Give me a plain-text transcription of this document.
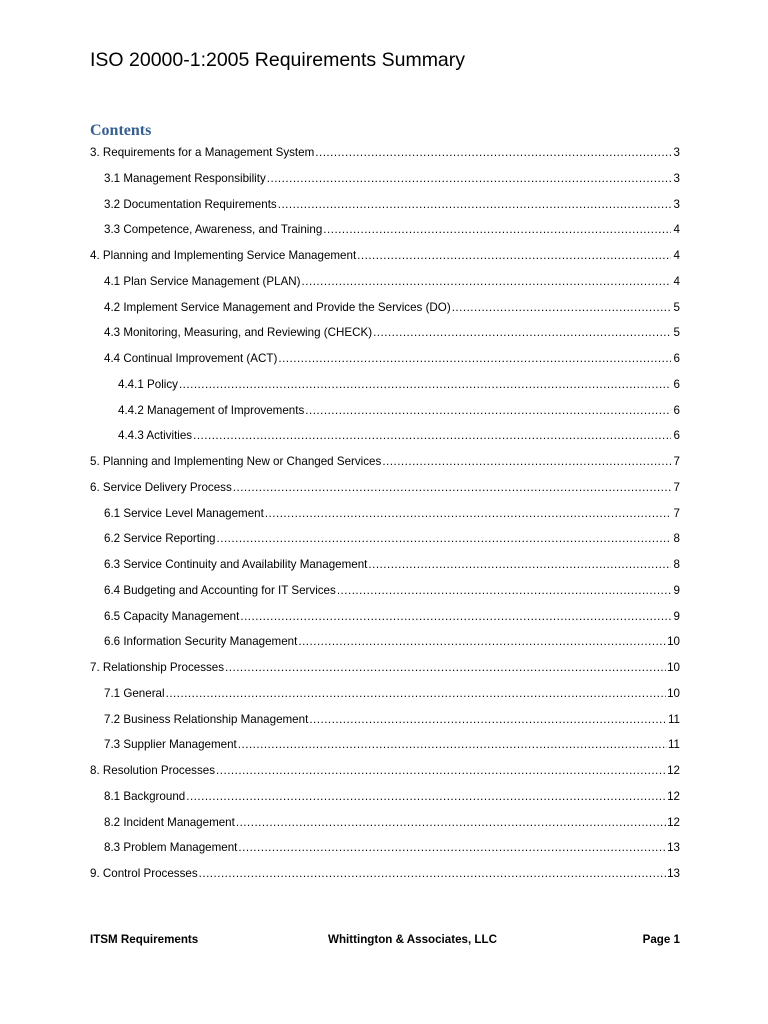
ISO 20000-1:2005 Requirements Summary
Contents
3. Requirements for a Management System .....	3
3.1 Management Responsibility .....	3
3.2 Documentation Requirements .....	3
3.3 Competence, Awareness, and Training .....	4
4. Planning and Implementing Service Management .....	4
4.1 Plan Service Management (PLAN) .....	4
4.2 Implement Service Management and Provide the Services (DO) .....	5
4.3 Monitoring, Measuring, and Reviewing (CHECK) .....	5
4.4 Continual Improvement (ACT) .....	6
4.4.1 Policy .....	6
4.4.2 Management of Improvements .....	6
4.4.3 Activities .....	6
5. Planning and Implementing New or Changed Services .....	7
6. Service Delivery Process .....	7
6.1 Service Level Management .....	7
6.2 Service Reporting .....	8
6.3 Service Continuity and Availability Management .....	8
6.4 Budgeting and Accounting for IT Services .....	9
6.5 Capacity Management .....	9
6.6 Information Security Management .....	10
7. Relationship Processes .....	10
7.1 General .....	10
7.2 Business Relationship Management .....	11
7.3 Supplier Management .....	11
8. Resolution Processes .....	12
8.1 Background .....	12
8.2 Incident Management .....	12
8.3 Problem Management .....	13
9. Control Processes .....	13
ITSM Requirements	Whittington & Associates, LLC	Page 1
